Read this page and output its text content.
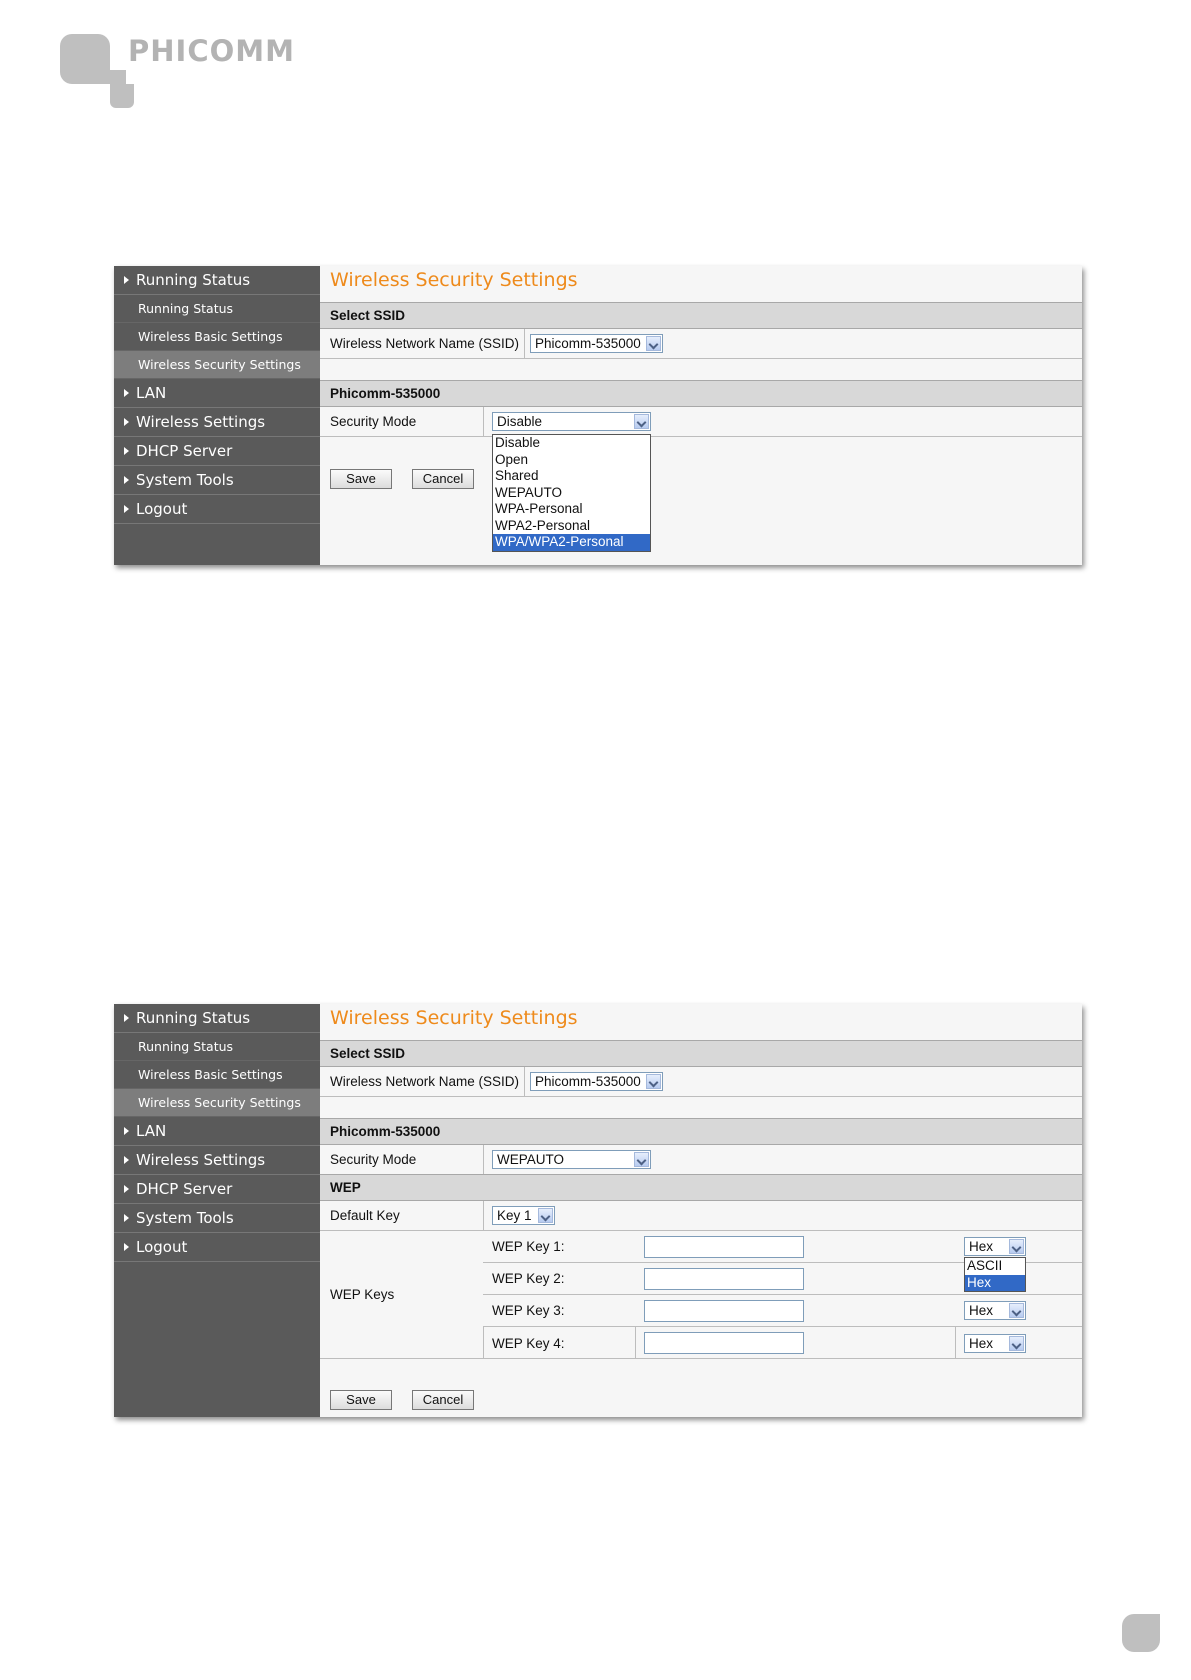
PHICOMM
Running Status
Running Status
Wireless Basic Settings
Wireless Security Settings
LAN
Wireless Settings
DHCP Server
System Tools
Logout
Wireless Security Settings
Select SSID
Wireless Network Name (SSID)	Phicomm-535000
Phicomm-535000
Security Mode	Disable
Save	Cancel
Disable
Open
Shared
WEPAUTO
WPA-Personal
WPA2-Personal
WPA/WPA2-Personal
Running Status
Running Status
Wireless Basic Settings
Wireless Security Settings
LAN
Wireless Settings
DHCP Server
System Tools
Logout
Wireless Security Settings
Select SSID
Wireless Network Name (SSID)	Phicomm-535000
Phicomm-535000
Security Mode	WEPAUTO
WEP
Default Key	Key 1
WEP Keys
WEP Key 1:	Hex
WEP Key 2:
WEP Key 3:	Hex
WEP Key 4:	Hex
ASCII
Hex
Save	Cancel
